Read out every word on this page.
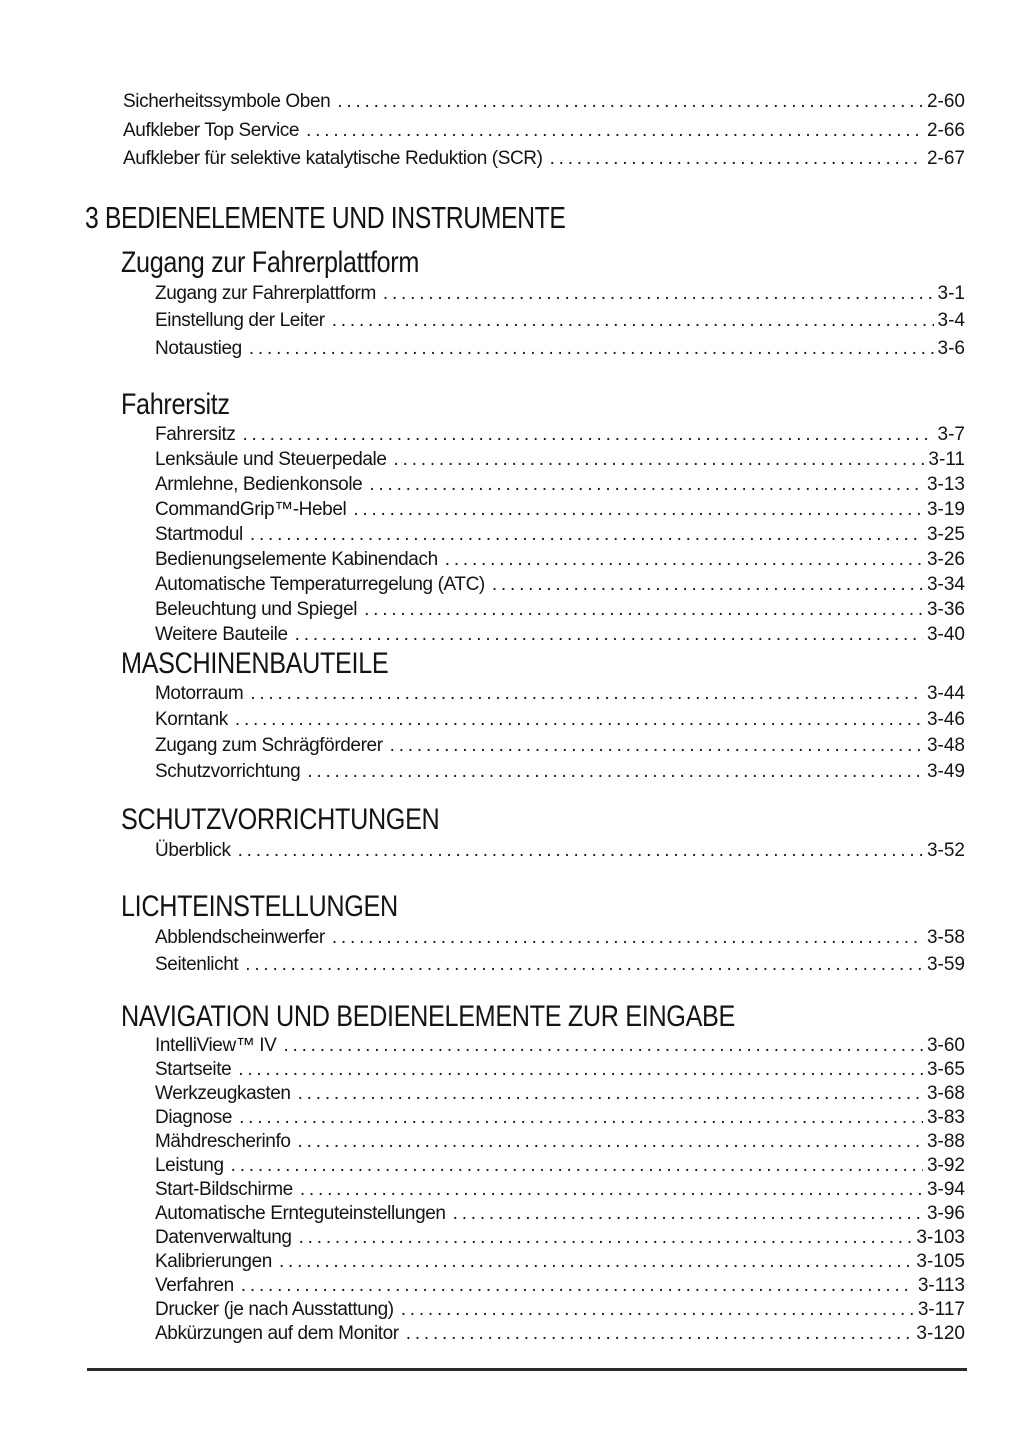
Sicherheitssymbole Oben .....	2-60
Aufkleber Top Service .....	2-66
Aufkleber für selektive katalytische Reduktion (SCR) .....	2-67
3 BEDIENELEMENTE UND INSTRUMENTE
Zugang zur Fahrerplattform
Zugang zur Fahrerplattform .....	3-1
Einstellung der Leiter .....	3-4
Notaustieg .....	3-6
Fahrersitz
Fahrersitz .....	3-7
Lenksäule und Steuerpedale .....	3-11
Armlehne, Bedienkonsole .....	3-13
CommandGrip™-Hebel .....	3-19
Startmodul .....	3-25
Bedienungselemente Kabinendach .....	3-26
Automatische Temperaturregelung (ATC) .....	3-34
Beleuchtung und Spiegel .....	3-36
Weitere Bauteile .....	3-40
MASCHINENBAUTEILE
Motorraum .....	3-44
Korntank .....	3-46
Zugang zum Schrägförderer .....	3-48
Schutzvorrichtung .....	3-49
SCHUTZVORRICHTUNGEN
Überblick .....	3-52
LICHTEINSTELLUNGEN
Abblendscheinwerfer .....	3-58
Seitenlicht .....	3-59
NAVIGATION UND BEDIENELEMENTE ZUR EINGABE
IntelliView™ IV .....	3-60
Startseite .....	3-65
Werkzeugkasten .....	3-68
Diagnose .....	3-83
Mähdrescherinfo .....	3-88
Leistung .....	3-92
Start-Bildschirme .....	3-94
Automatische Ernteguteinstellungen .....	3-96
Datenverwaltung .....	3-103
Kalibrierungen .....	3-105
Verfahren .....	3-113
Drucker (je nach Ausstattung) .....	3-117
Abkürzungen auf dem Monitor .....	3-120
